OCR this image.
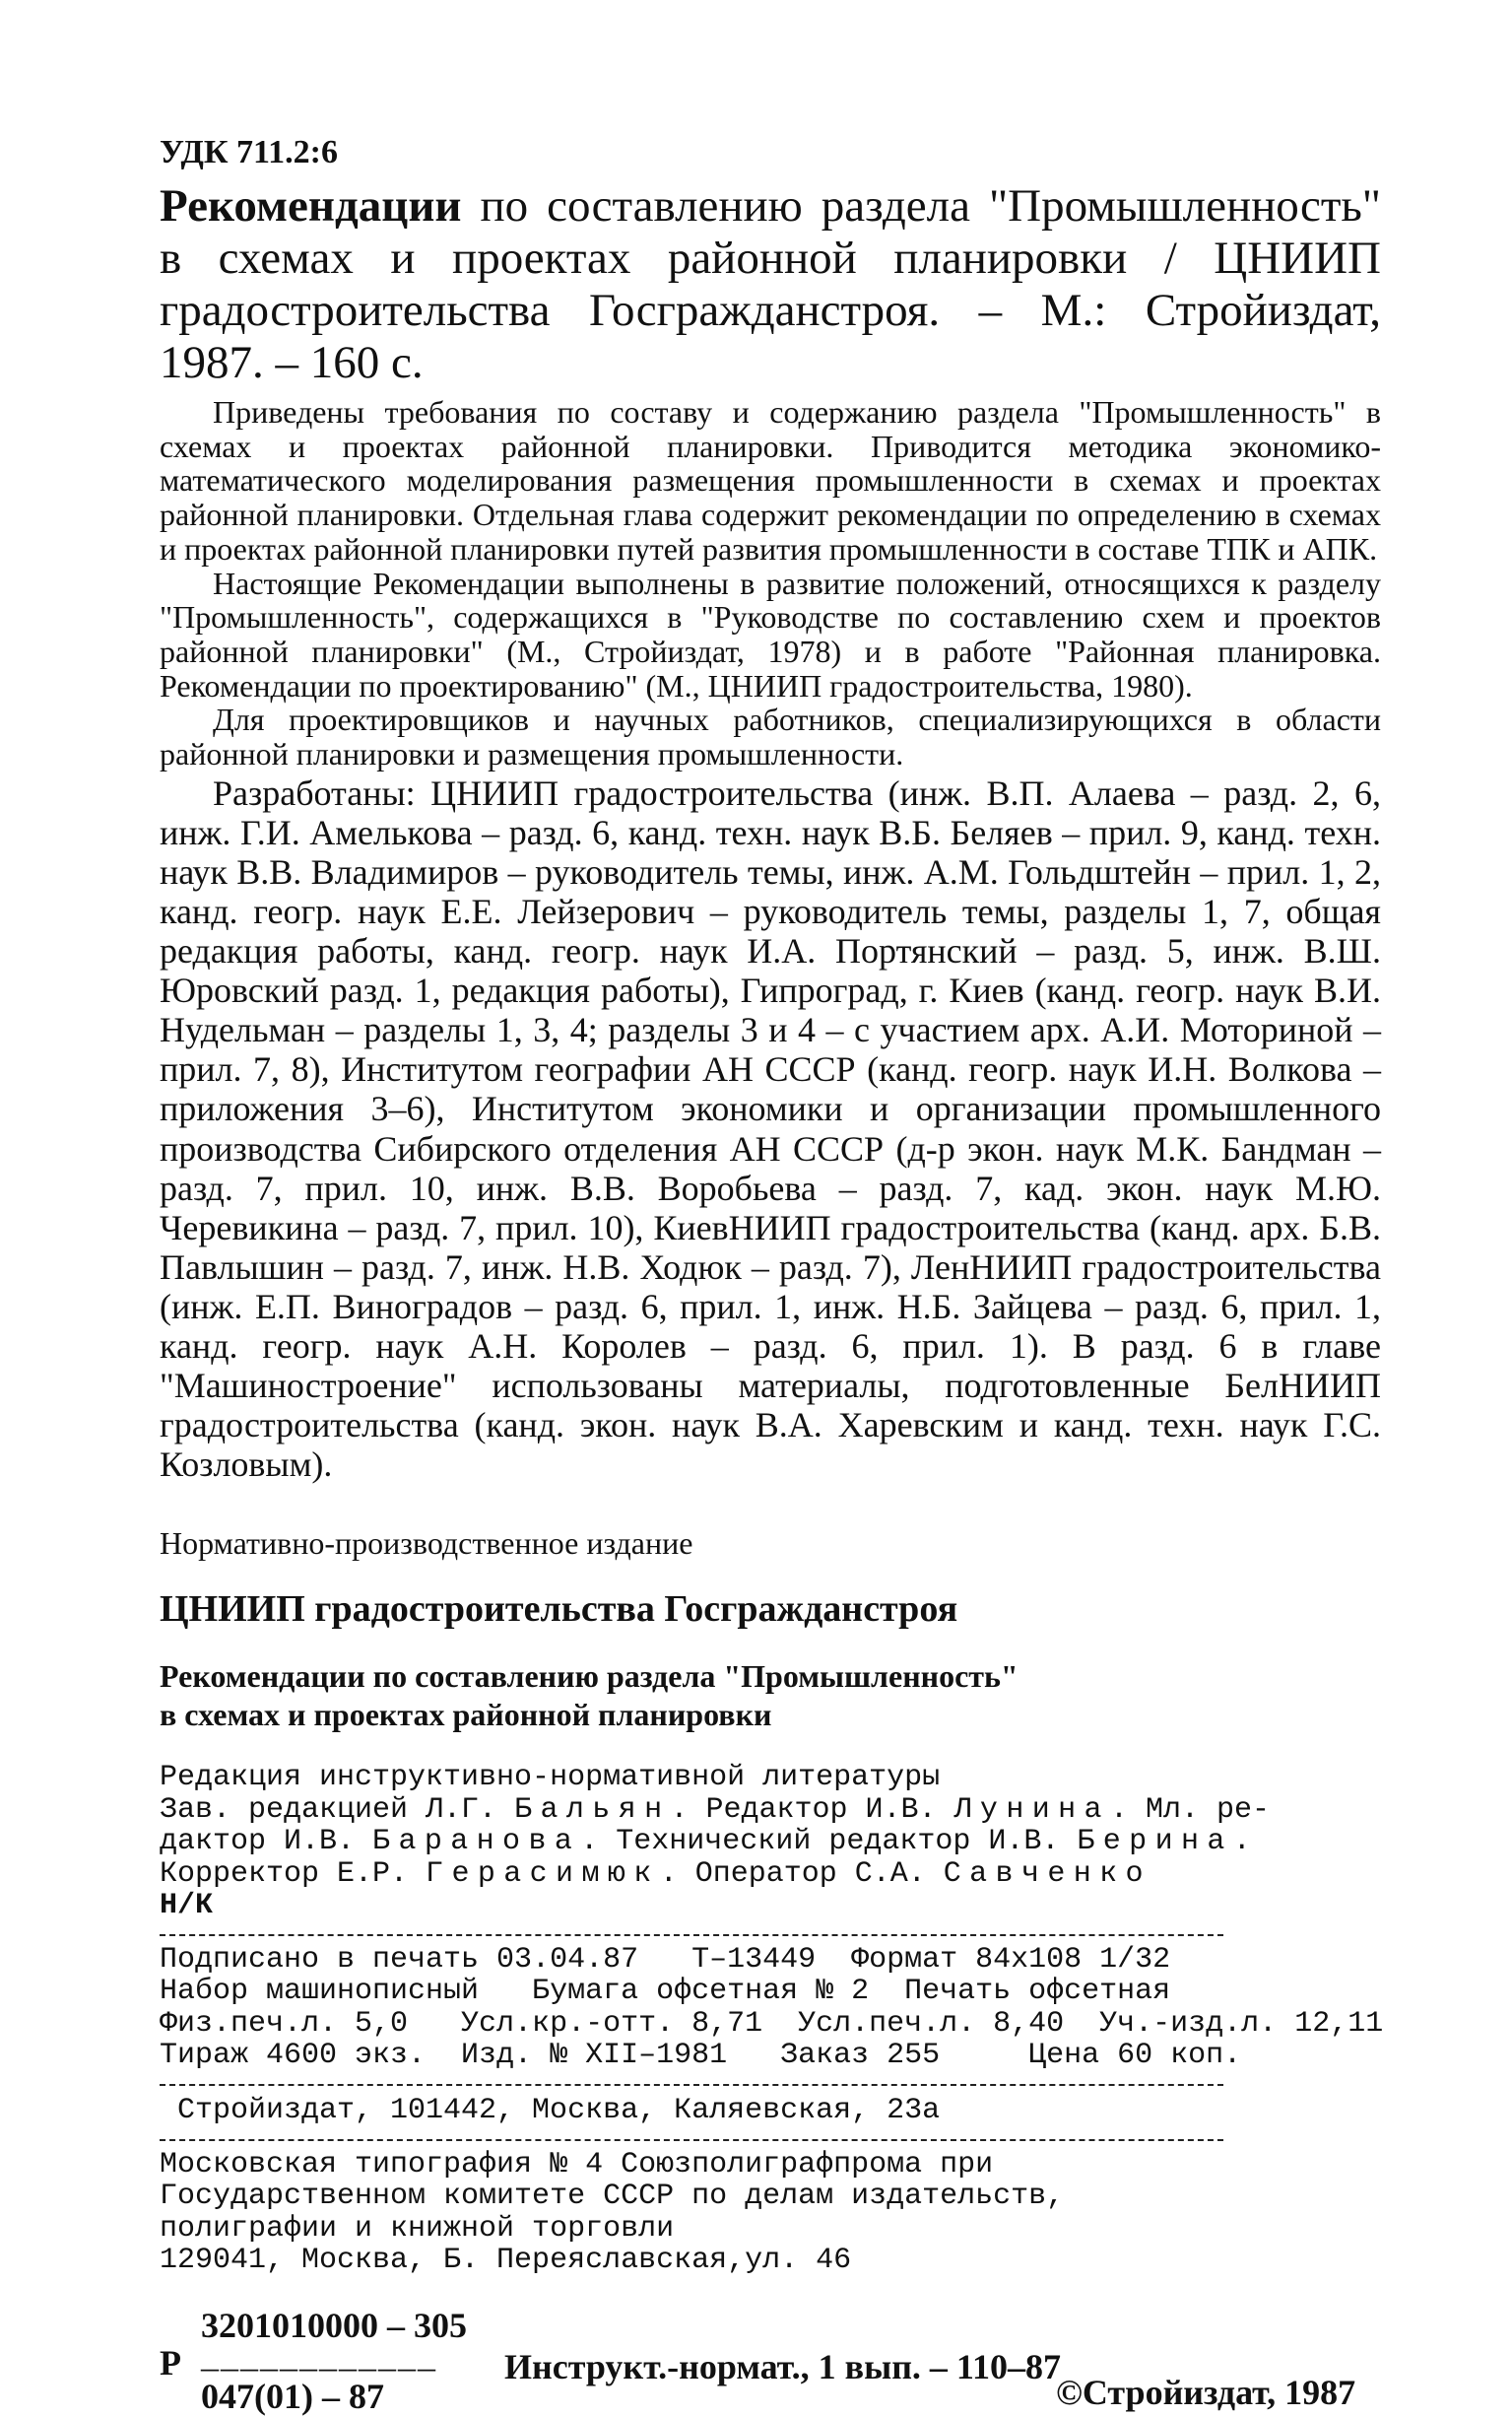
УДК 711.2:6

Рекомендации по составлению раздела "Промышленность" в схемах и проектах районной планировки / ЦНИИП градостроительства Госгражданстроя. – М.: Стройиздат, 1987. – 160 с.

Приведены требования по составу и содержанию раздела "Промышленность" в схемах и проектах районной планировки. Приводится методика экономико-математического моделирования размещения промышленности в схемах и проектах районной планировки. Отдельная глава содержит рекомендации по определению в схемах и проектах районной планировки путей развития промышленности в составе ТПК и АПК.

Настоящие Рекомендации выполнены в развитие положений, относящихся к разделу "Промышленность", содержащихся в "Руководстве по составлению схем и проектов районной планировки" (М., Стройиздат, 1978) и в работе "Районная планировка. Рекомендации по проектированию" (М., ЦНИИП градостроительства, 1980).

Для проектировщиков и научных работников, специализирующихся в области районной планировки и размещения промышленности.

Разработаны: ЦНИИП градостроительства (инж. В.П. Алаева – разд. 2, 6, инж. Г.И. Амелькова – разд. 6, канд. техн. наук В.Б. Беляев – прил. 9, канд. техн. наук В.В. Владимиров – руководитель темы, инж. А.М. Гольдштейн – прил. 1, 2, канд. геогр. наук Е.Е. Лейзерович – руководитель темы, разделы 1, 7, общая редакция работы, канд. геогр. наук И.А. Портянский – разд. 5, инж. В.Ш. Юровский разд. 1, редакция работы), Гипроград, г. Киев (канд. геогр. наук В.И. Нудельман – разделы 1, 3, 4; разделы 3 и 4 – с участием арх. А.И. Моториной – прил. 7, 8), Институтом географии АН СССР (канд. геогр. наук И.Н. Волкова – приложения 3–6), Институтом экономики и организации промышленного производства Сибирского отделения АН СССР (д-р экон. наук М.К. Бандман – разд. 7, прил. 10, инж. В.В. Воробьева – разд. 7, кад. экон. наук М.Ю. Черевикина – разд. 7, прил. 10), КиевНИИП градостроительства (канд. арх. Б.В. Павлышин – разд. 7, инж. Н.В. Ходюк – разд. 7), ЛенНИИП градостроительства (инж. Е.П. Виноградов – разд. 6, прил. 1, инж. Н.Б. Зайцева – разд. 6, прил. 1, канд. геогр. наук А.Н. Королев – разд. 6, прил. 1). В разд. 6 в главе "Машиностроение" использованы материалы, подготовленные БелНИИП градостроительства (канд. экон. наук В.А. Харевским и канд. техн. наук Г.С. Козловым).

Нормативно-производственное издание
ЦНИИП градостроительства Госгражданстроя
Рекомендации по составлению раздела "Промышленность"
в схемах и проектах районной планировки
Редакция инструктивно-нормативной литературы
Зав. редакцией Л.Г. Бальян. Редактор И.В. Лунина. Мл. ре-
дактор И.В. Баранова. Технический редактор И.В. Берина.
Корректор Е.Р. Герасимюк. Оператор С.А. Савченко
Н/К
Подписано в печать 03.04.87   Т–13449  Формат 84x108 1/32
Набор машинописный   Бумага офсетная № 2  Печать офсетная
Физ.печ.л. 5,0   Усл.кр.-отт. 8,71  Усл.печ.л. 8,40  Уч.-изд.л. 12,11
Тираж 4600 экз.  Изд. № XII–1981   Заказ 255     Цена 60 коп.
Стройиздат, 101442, Москва, Каляевская, 23а
Московская типография № 4 Союзполиграфпрома при
Государственном комитете СССР по делам издательств,
полиграфии и книжной торговли
129041, Москва, Б. Переяславская,ул. 46
Р
3201010000 – 305
––––––––––––
047(01) – 87
Инструкт.-нормат., 1 вып. – 110–87
©Стройиздат, 1987
